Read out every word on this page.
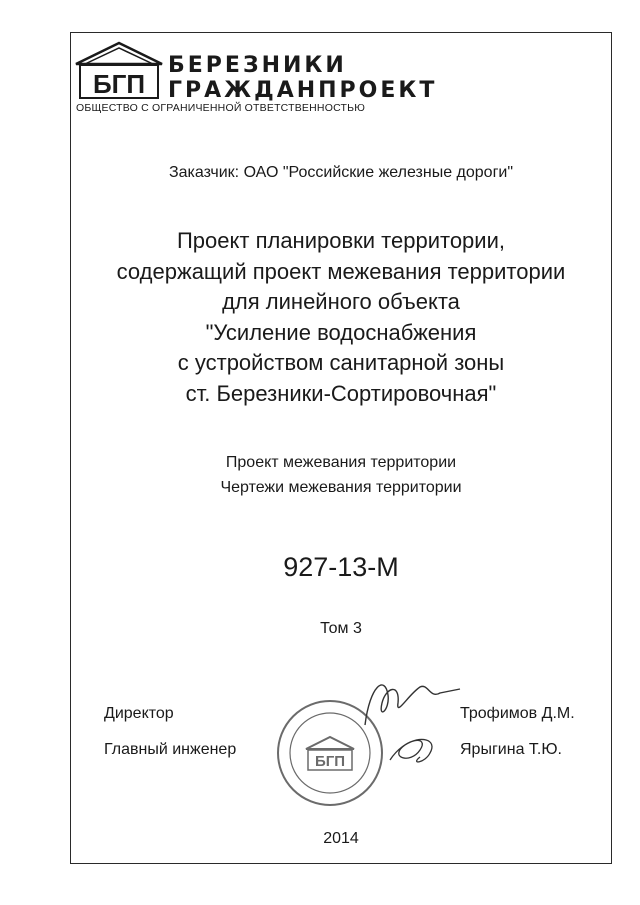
БГП
БЕРЕЗНИКИ
ГРАЖДАНПРОЕКТ
ОБЩЕСТВО С ОГРАНИЧЕННОЙ ОТВЕТСТВЕННОСТЬЮ
Заказчик: ОАО "Российские железные дороги"
Проект планировки территории,
содержащий проект межевания территории
для линейного объекта
"Усиление водоснабжения
с устройством санитарной зоны
ст. Березники-Сортировочная"
Проект межевания территории
Чертежи межевания территории
927-13-М
Том 3
БГП
Директор	Трофимов Д.М.
Главный инженер	Ярыгина Т.Ю.
2014
